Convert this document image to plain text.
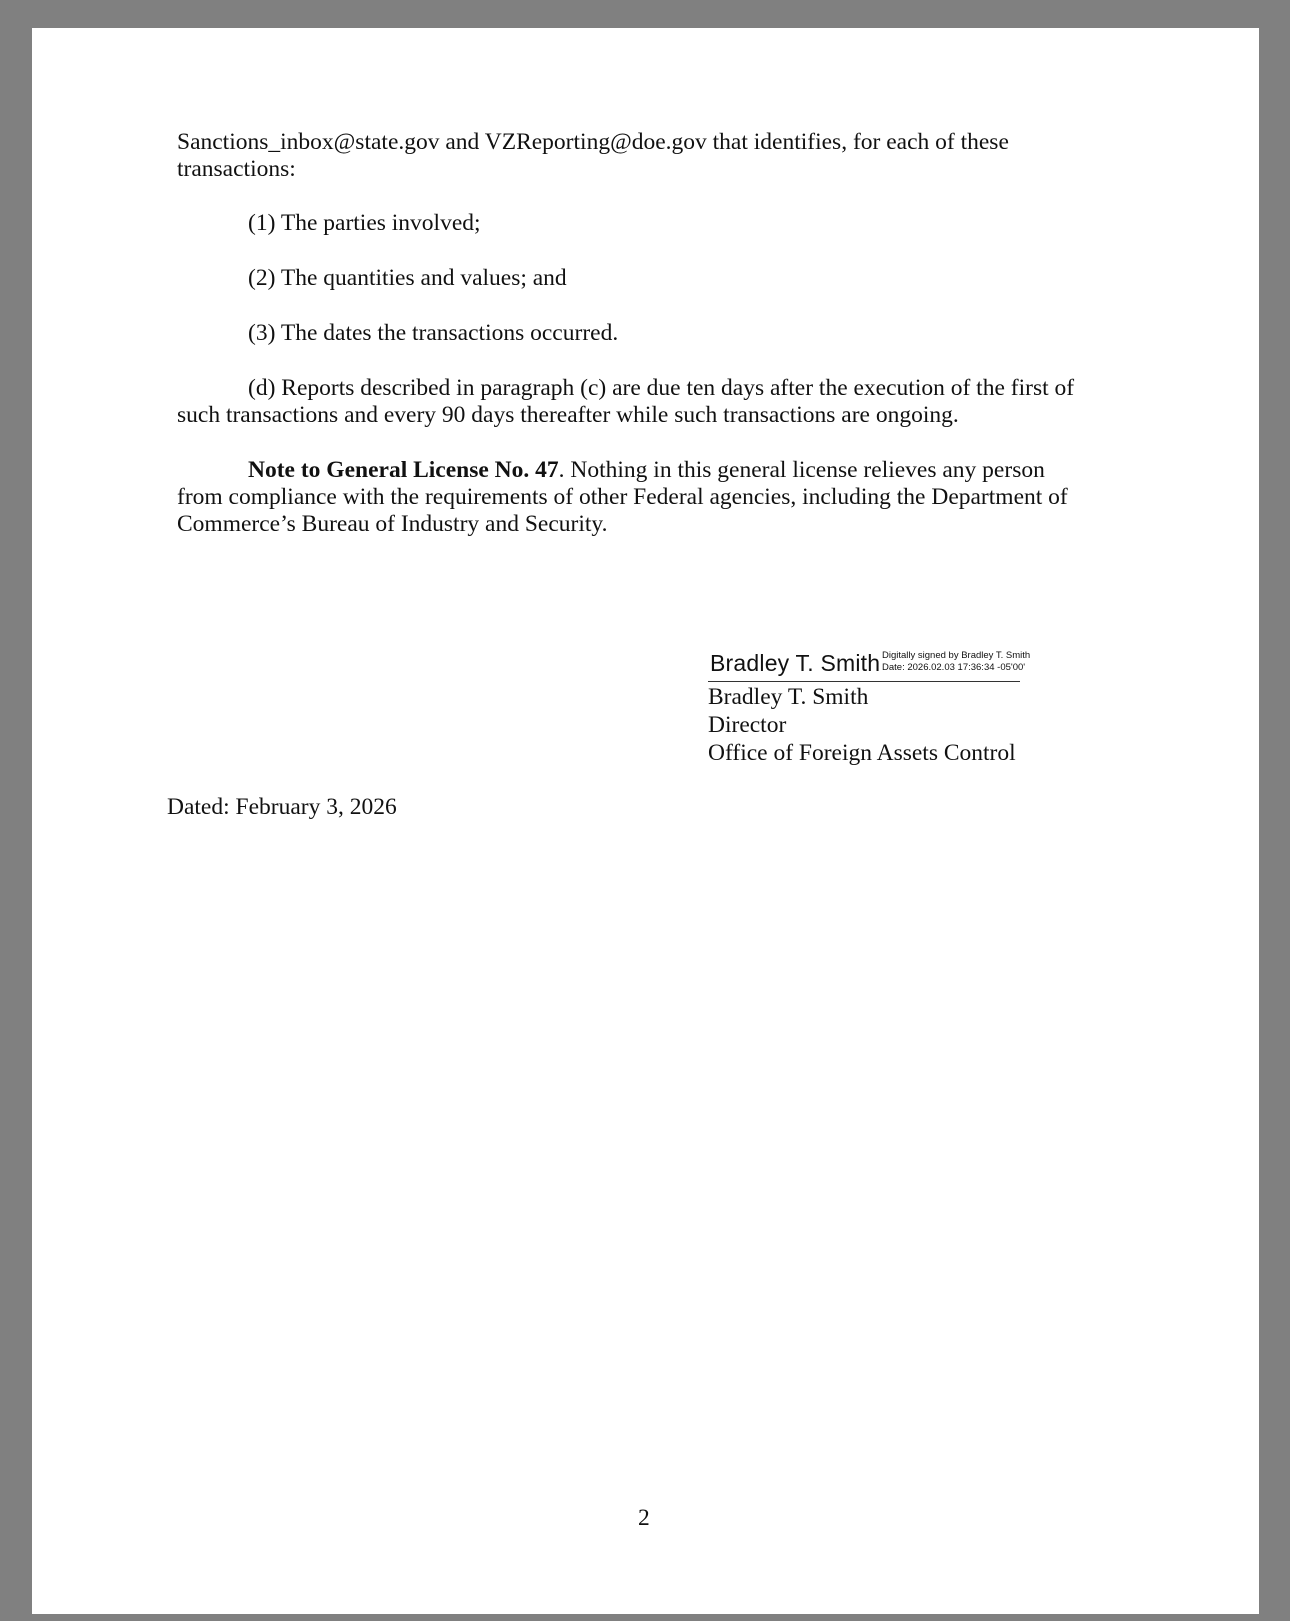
Sanctions_inbox@state.gov and VZReporting@doe.gov that identifies, for each of these
transactions:
(1) The parties involved;
(2) The quantities and values; and
(3) The dates the transactions occurred.
(d) Reports described in paragraph (c) are due ten days after the execution of the first of
such transactions and every 90 days thereafter while such transactions are ongoing.
Note to General License No. 47. Nothing in this general license relieves any person
from compliance with the requirements of other Federal agencies, including the Department of
Commerce’s Bureau of Industry and Security.
Bradley T. Smith Digitally signed by Bradley T. Smith
Date: 2026.02.03 17:36:34 -05'00'
Bradley T. Smith
Director
Office of Foreign Assets Control
Dated: February 3, 2026
2
